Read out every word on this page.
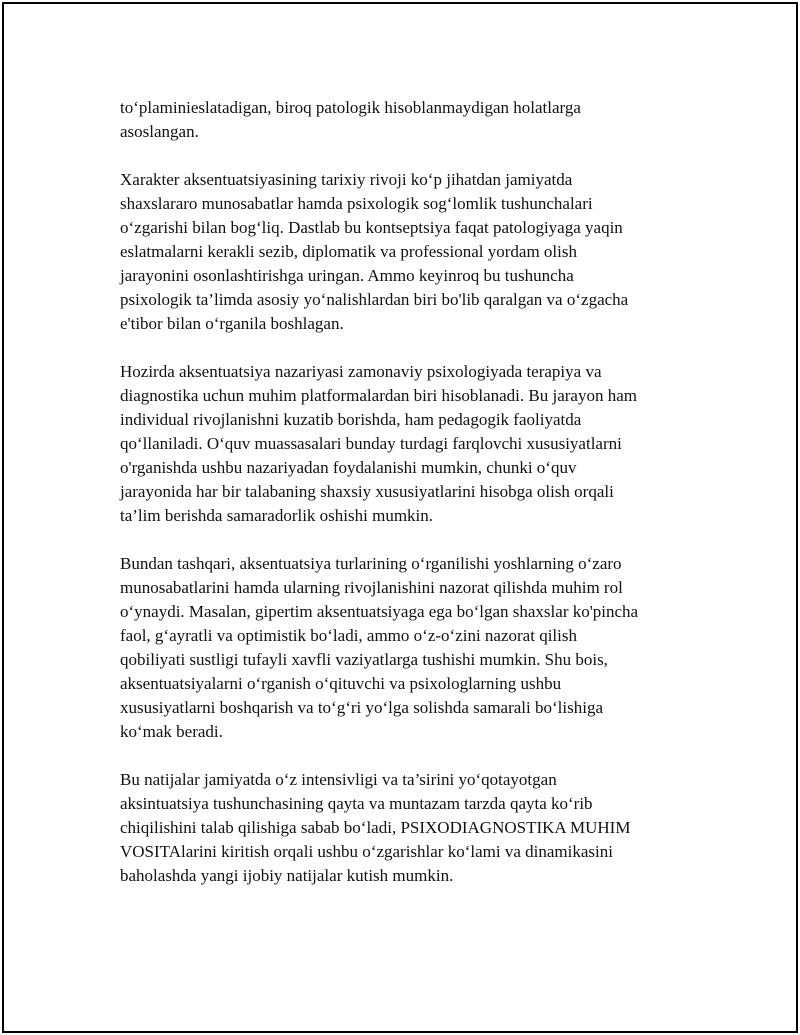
to‘plaminieslatadigan, biroq patologik hisoblanmaydigan holatlarga
asoslangan.

Xarakter aksentuatsiyasining tarixiy rivoji ko‘p jihatdan jamiyatda
shaxslararo munosabatlar hamda psixologik sog‘lomlik tushunchalari
o‘zgarishi bilan bog‘liq. Dastlab bu kontseptsiya faqat patologiyaga yaqin
eslatmalarni kerakli sezib, diplomatik va professional yordam olish
jarayonini osonlashtirishga uringan. Ammo keyinroq bu tushuncha
psixologik ta’limda asosiy yo‘nalishlardan biri bo'lib qaralgan va o‘zgacha
e'tibor bilan o‘rganila boshlagan.

Hozirda aksentuatsiya nazariyasi zamonaviy psixologiyada terapiya va
diagnostika uchun muhim platformalardan biri hisoblanadi. Bu jarayon ham
individual rivojlanishni kuzatib borishda, ham pedagogik faoliyatda
qo‘llaniladi. O‘quv muassasalari bunday turdagi farqlovchi xususiyatlarni
o'rganishda ushbu nazariyadan foydalanishi mumkin, chunki o‘quv
jarayonida har bir talabaning shaxsiy xususiyatlarini hisobga olish orqali
ta’lim berishda samaradorlik oshishi mumkin.

Bundan tashqari, aksentuatsiya turlarining o‘rganilishi yoshlarning o‘zaro
munosabatlarini hamda ularning rivojlanishini nazorat qilishda muhim rol
o‘ynaydi. Masalan, gipertim aksentuatsiyaga ega bo‘lgan shaxslar ko'pincha
faol, g‘ayratli va optimistik bo‘ladi, ammo o‘z-o‘zini nazorat qilish
qobiliyati sustligi tufayli xavfli vaziyatlarga tushishi mumkin. Shu bois,
aksentuatsiyalarni o‘rganish o‘qituvchi va psixologlarning ushbu
xususiyatlarni boshqarish va to‘g‘ri yo‘lga solishda samarali bo‘lishiga
ko‘mak beradi.

Bu natijalar jamiyatda o‘z intensivligi va ta’sirini yo‘qotayotgan
aksintuatsiya tushunchasining qayta va muntazam tarzda qayta ko‘rib
chiqilishini talab qilishiga sabab bo‘ladi, PSIXODIAGNOSTIKA MUHIM
VOSITAlarini kiritish orqali ushbu o‘zgarishlar ko‘lami va dinamikasini
baholashda yangi ijobiy natijalar kutish mumkin.
